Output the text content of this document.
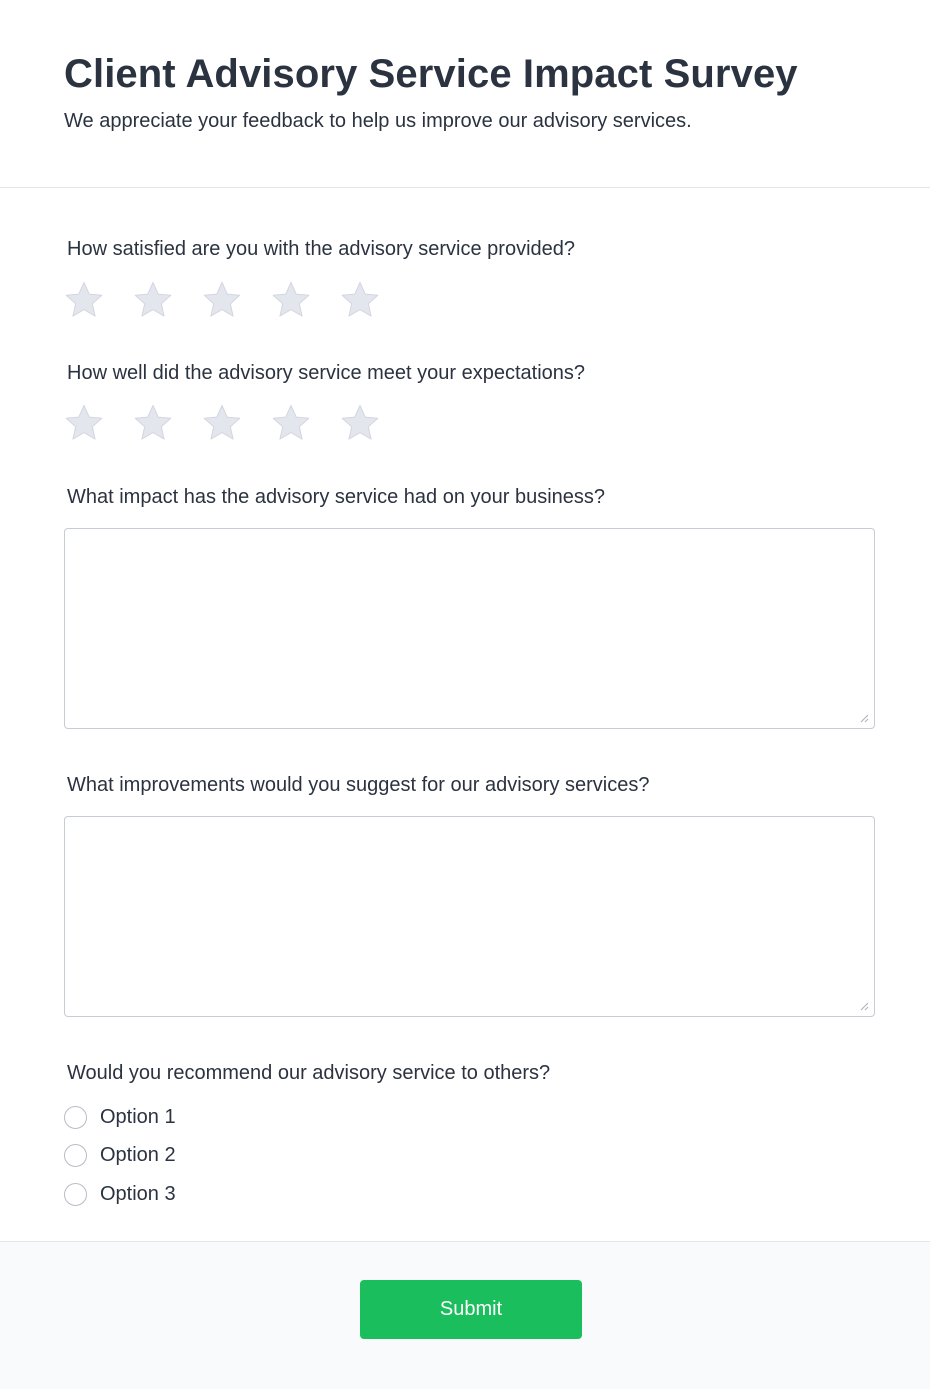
Client Advisory Service Impact Survey

We appreciate your feedback to help us improve our advisory services.

How satisfied are you with the advisory service provided?

How well did the advisory service meet your expectations?

What impact has the advisory service had on your business?

What improvements would you suggest for our advisory services?

Would you recommend our advisory service to others?

Option 1
Option 2
Option 3
Submit
